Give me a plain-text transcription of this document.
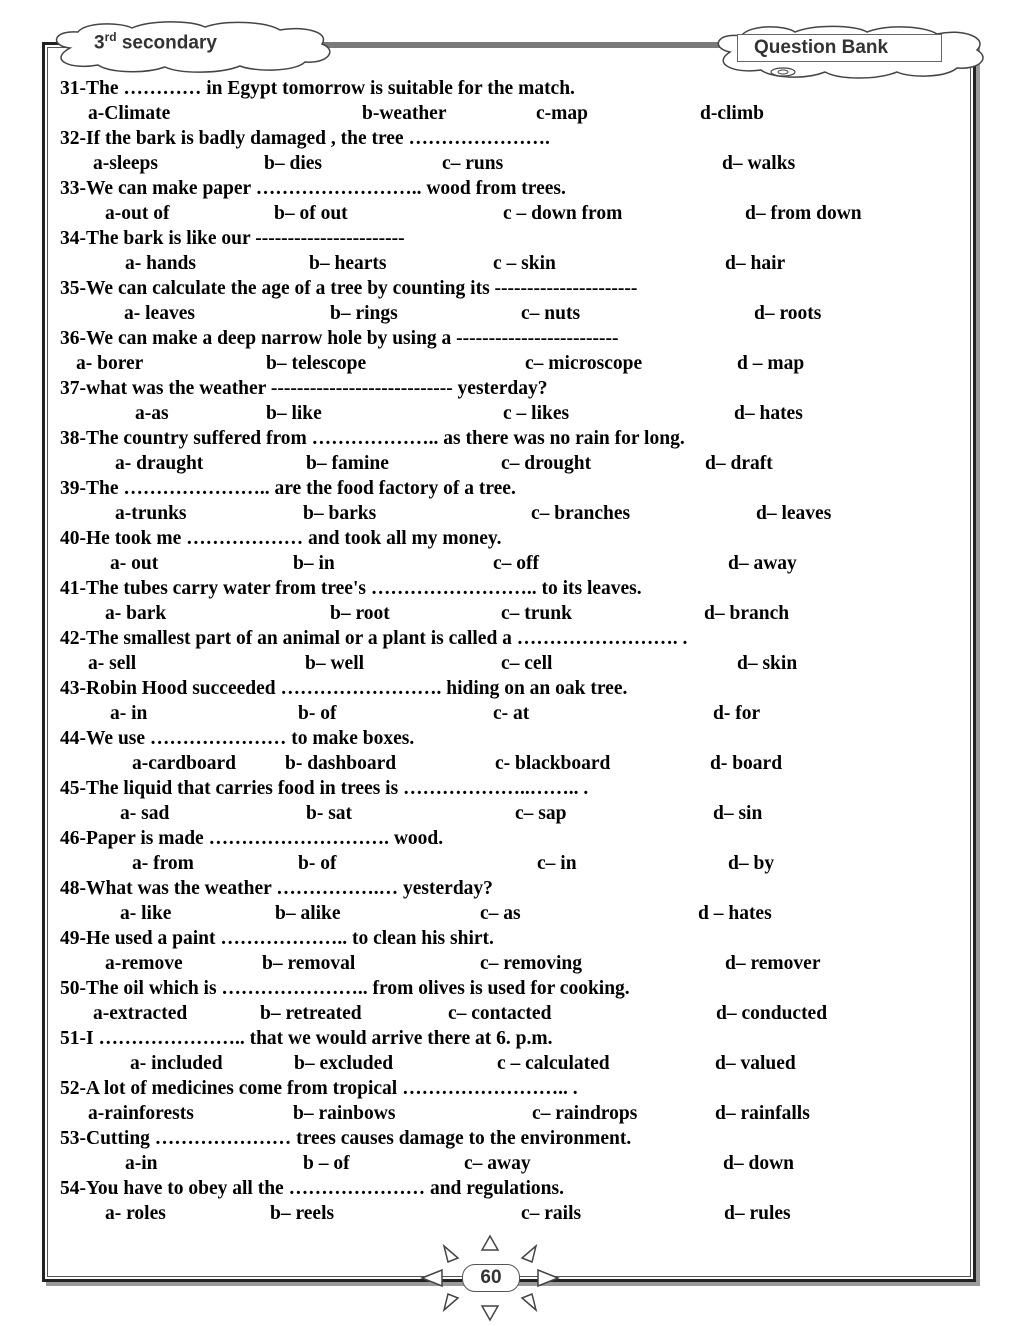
3rd secondary	Question Bank
31-The ………… in Egypt tomorrow is suitable for the match.
a-Climate	b-weather	c-map	d-climb
32-If the bark is badly damaged , the tree ………………….
a-sleeps	b– dies	c– runs	d– walks
33-We can make paper …………………….. wood from trees.
a-out of	b– of out	c – down from	d– from down
34-The bark is like our -----------------------
a- hands	b– hearts	c – skin	d– hair
35-We can calculate the age of a tree by counting its ----------------------
a- leaves	b– rings	c– nuts	d– roots
36-We can make a deep narrow hole by using a -------------------------
a- borer	b– telescope	c– microscope	d – map
37-what was the weather ---------------------------- yesterday?
a-as	b– like	c – likes	d– hates
38-The country suffered from ……………….. as there was no rain for long.
a- draught	b– famine	c– drought	d– draft
39-The ………………….. are the food factory of a tree.
a-trunks	b– barks	c– branches	d– leaves
40-He took me ……………… and took all my money.
a- out	b– in	c– off	d– away
41-The tubes carry water from tree's …………………….. to its leaves.
a- bark	b– root	c– trunk	d– branch
42-The smallest part of an animal or a plant is called a ……………………. .
a- sell	b– well	c– cell	d– skin
43-Robin Hood succeeded ……………………. hiding on an oak tree.
a- in	b- of	c- at	d- for
44-We use ………………… to make boxes.
a-cardboard	b- dashboard	c- blackboard	d- board
45-The liquid that carries food in trees is ………………..…….. .
a- sad	b- sat	c– sap	d– sin
46-Paper is made ………………………. wood.
a- from	b- of	c– in	d– by
48-What was the weather …………….… yesterday?
a- like	b– alike	c– as	d – hates
49-He used a paint ……………….. to clean his shirt.
a-remove	b– removal	c– removing	d– remover
50-The oil which is ………………….. from olives is used for cooking.
a-extracted	b– retreated	c– contacted	d– conducted
51-I ………………….. that we would arrive there at 6. p.m.
a- included	b– excluded	c – calculated	d– valued
52-A lot of medicines come from tropical …………………….. .
a-rainforests	b– rainbows	c– raindrops	d– rainfalls
53-Cutting ………………… trees causes damage to the environment.
a-in	b – of	c– away	d– down
54-You have to obey all the ………………… and regulations.
a- roles	b– reels	c– rails	d– rules
60
